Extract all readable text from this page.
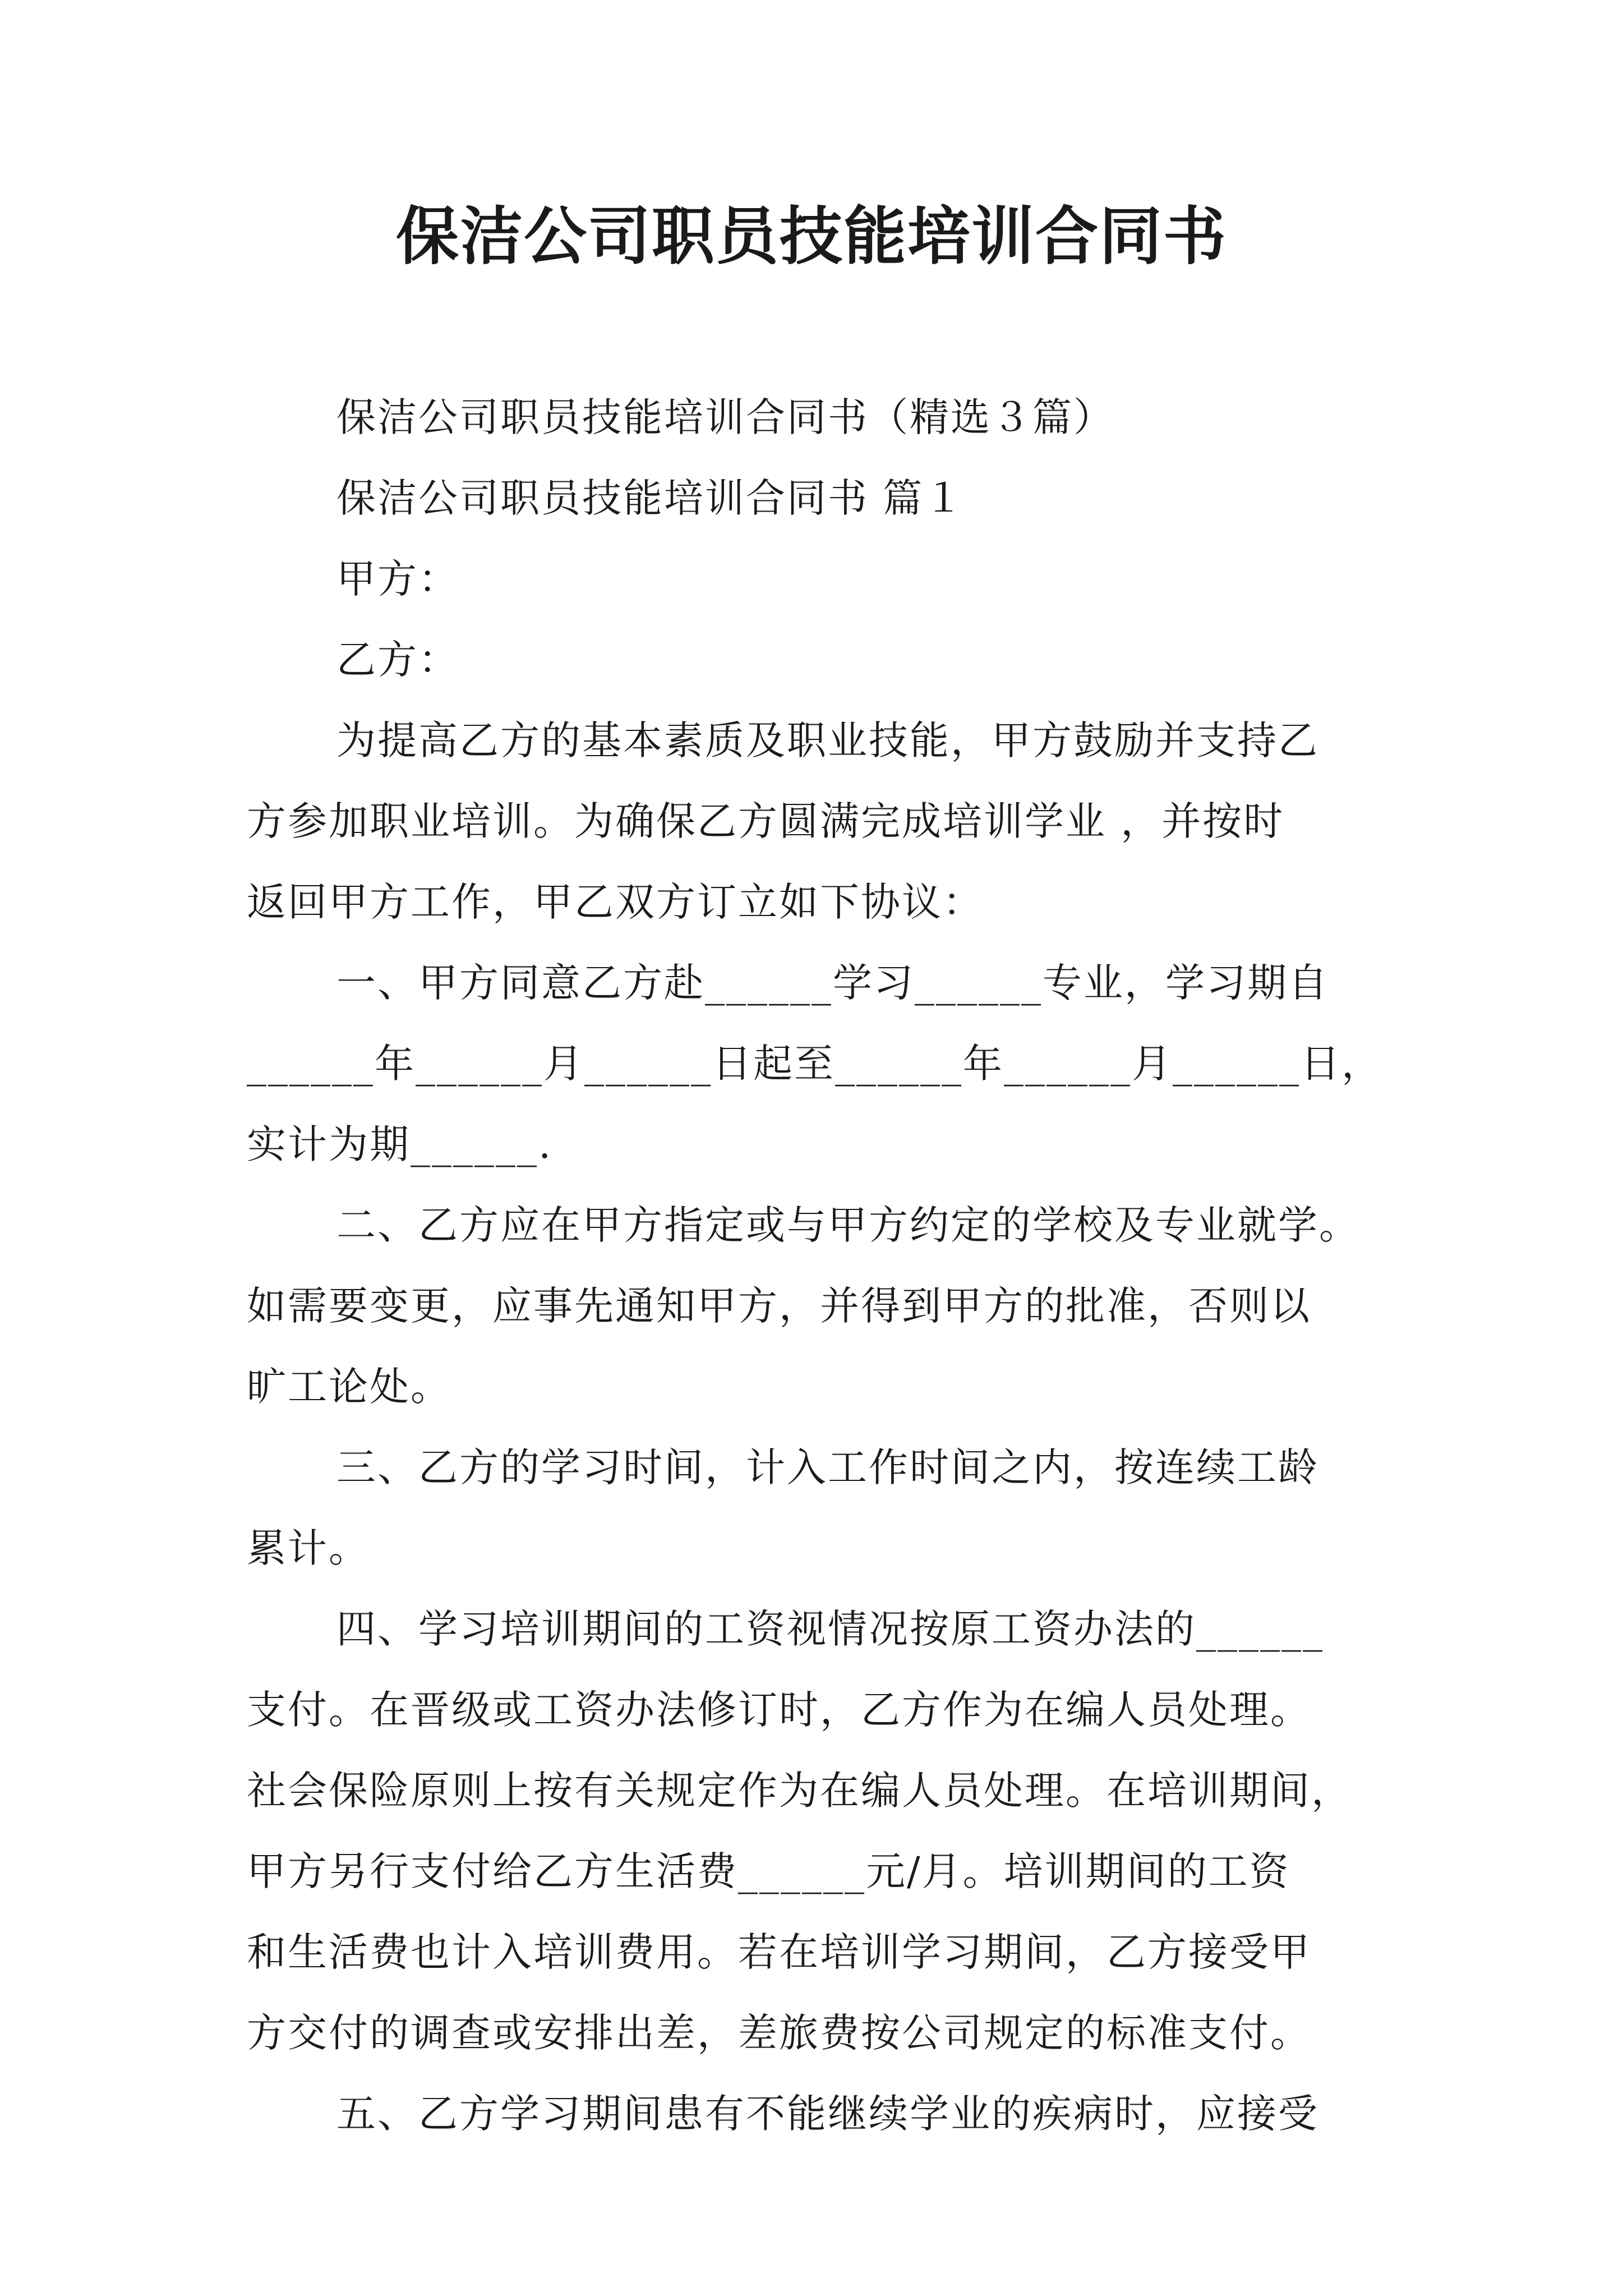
保洁公司职员技能培训合同书
保洁公司职员技能培训合同书（精选３篇）
保洁公司职员技能培训合同书 篇１
甲方：
乙方：
为提高乙方的基本素质及职业技能，甲方鼓励并支持乙
方参加职业培训。为确保乙方圆满完成培训学业 ，并按时
返回甲方工作，甲乙双方订立如下协议：
一、甲方同意乙方赴______学习______专业，学习期自
______年______月______日起至______年______月______日，
实计为期______.
二、乙方应在甲方指定或与甲方约定的学校及专业就学。
如需要变更，应事先通知甲方，并得到甲方的批准，否则以
旷工论处。
三、乙方的学习时间，计入工作时间之内，按连续工龄
累计。
四、学习培训期间的工资视情况按原工资办法的______
支付。在晋级或工资办法修订时，乙方作为在编人员处理。
社会保险原则上按有关规定作为在编人员处理。在培训期间，
甲方另行支付给乙方生活费______元/月。培训期间的工资
和生活费也计入培训费用。若在培训学习期间，乙方接受甲
方交付的调查或安排出差，差旅费按公司规定的标准支付。
五、乙方学习期间患有不能继续学业的疾病时，应接受
